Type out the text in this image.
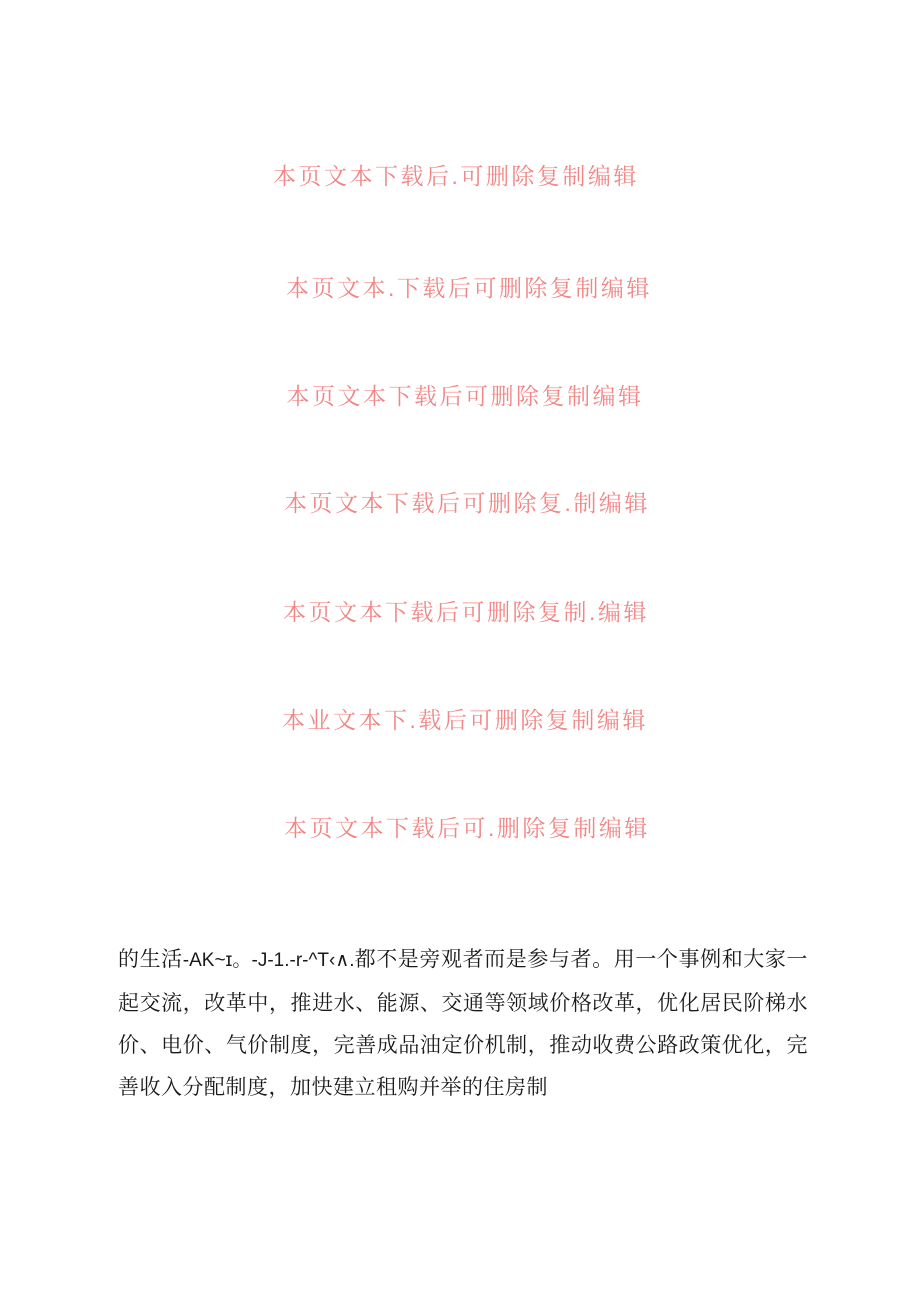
本页文本下载后.可删除复制编辑
本页文本.下载后可删除复制编辑
本页文本下载后可删除复制编辑
本页文本下载后可删除复.制编辑
本页文本下载后可删除复制.编辑
本业文本下.载后可删除复制编辑
本页文本下载后可.删除复制编辑

的生活-AK~ɪ。-J-1.-r-^T‹∧.都不是旁观者而是参与者。用一个事例和大家一起交流，改革中，推进水、能源、交通等领域价格改革，优化居民阶梯水价、电价、气价制度，完善成品油定价机制，推动收费公路政策优化，完善收入分配制度，加快建立租购并举的住房制
